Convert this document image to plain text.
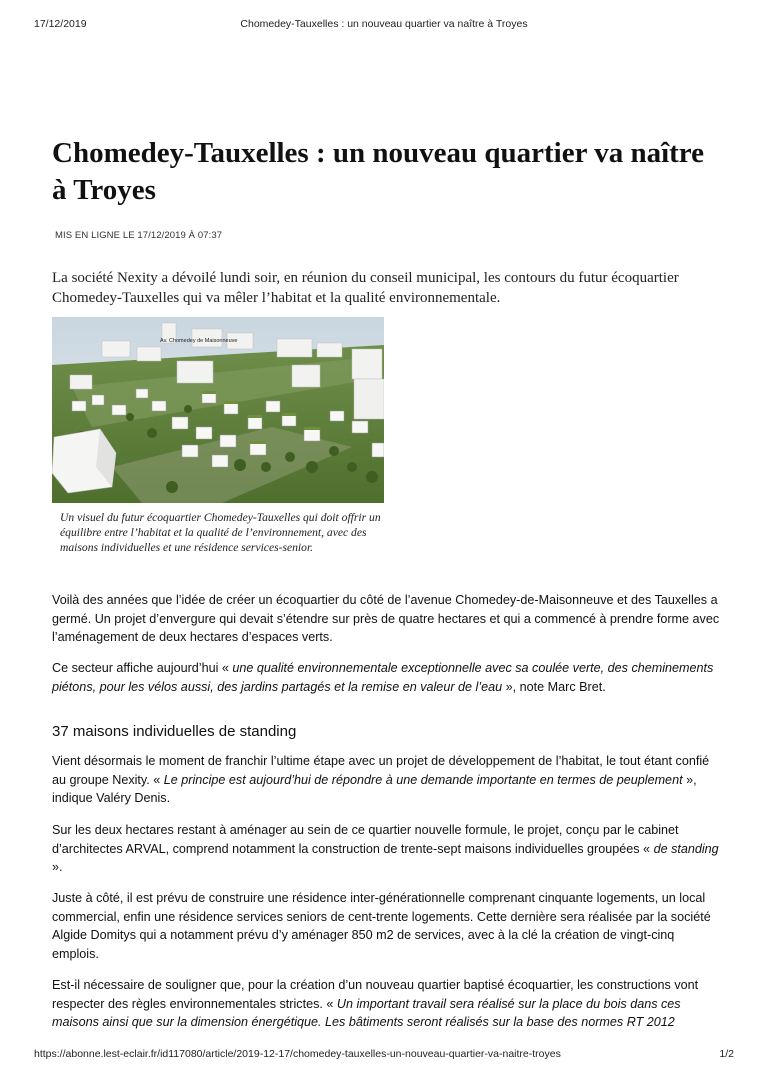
17/12/2019	Chomedey-Tauxelles : un nouveau quartier va naître à Troyes
Chomedey-Tauxelles : un nouveau quartier va naître à Troyes
MIS EN LIGNE LE 17/12/2019 À 07:37

La société Nexity a dévoilé lundi soir, en réunion du conseil municipal, les contours du futur écoquartier Chomedey-Tauxelles qui va mêler l’habitat et la qualité environnementale.

Av. Chomedey de Maisonneuve

Un visuel du futur écoquartier Chomedey-Tauxelles qui doit offrir un équilibre entre l’habitat et la qualité de l’environnement, avec des maisons individuelles et une résidence services-senior.

Voilà des années que l’idée de créer un écoquartier du côté de l’avenue Chomedey-de-Maisonneuve et des Tauxelles a germé. Un projet d’envergure qui devait s’étendre sur près de quatre hectares et qui a commencé à prendre forme avec l’aménagement de deux hectares d’espaces verts.

Ce secteur affiche aujourd’hui « une qualité environnementale exceptionnelle avec sa coulée verte, des cheminements piétons, pour les vélos aussi, des jardins partagés et la remise en valeur de l’eau », note Marc Bret.

37 maisons individuelles de standing

Vient désormais le moment de franchir l’ultime étape avec un projet de développement de l’habitat, le tout étant confié au groupe Nexity. « Le principe est aujourd’hui de répondre à une demande importante en termes de peuplement », indique Valéry Denis.

Sur les deux hectares restant à aménager au sein de ce quartier nouvelle formule, le projet, conçu par le cabinet d’architectes ARVAL, comprend notamment la construction de trente-sept maisons individuelles groupées « de standing ».

Juste à côté, il est prévu de construire une résidence inter-générationnelle comprenant cinquante logements, un local commercial, enfin une résidence services seniors de cent-trente logements. Cette dernière sera réalisée par la société Algide Domitys qui a notamment prévu d’y aménager 850 m2 de services, avec à la clé la création de vingt-cinq emplois.

Est-il nécessaire de souligner que, pour la création d’un nouveau quartier baptisé écoquartier, les constructions vont respecter des règles environnementales strictes. « Un important travail sera réalisé sur la place du bois dans ces maisons ainsi que sur la dimension énergétique. Les bâtiments seront réalisés sur la base des normes RT 2012

https://abonne.lest-eclair.fr/id117080/article/2019-12-17/chomedey-tauxelles-un-nouveau-quartier-va-naitre-troyes	1/2
